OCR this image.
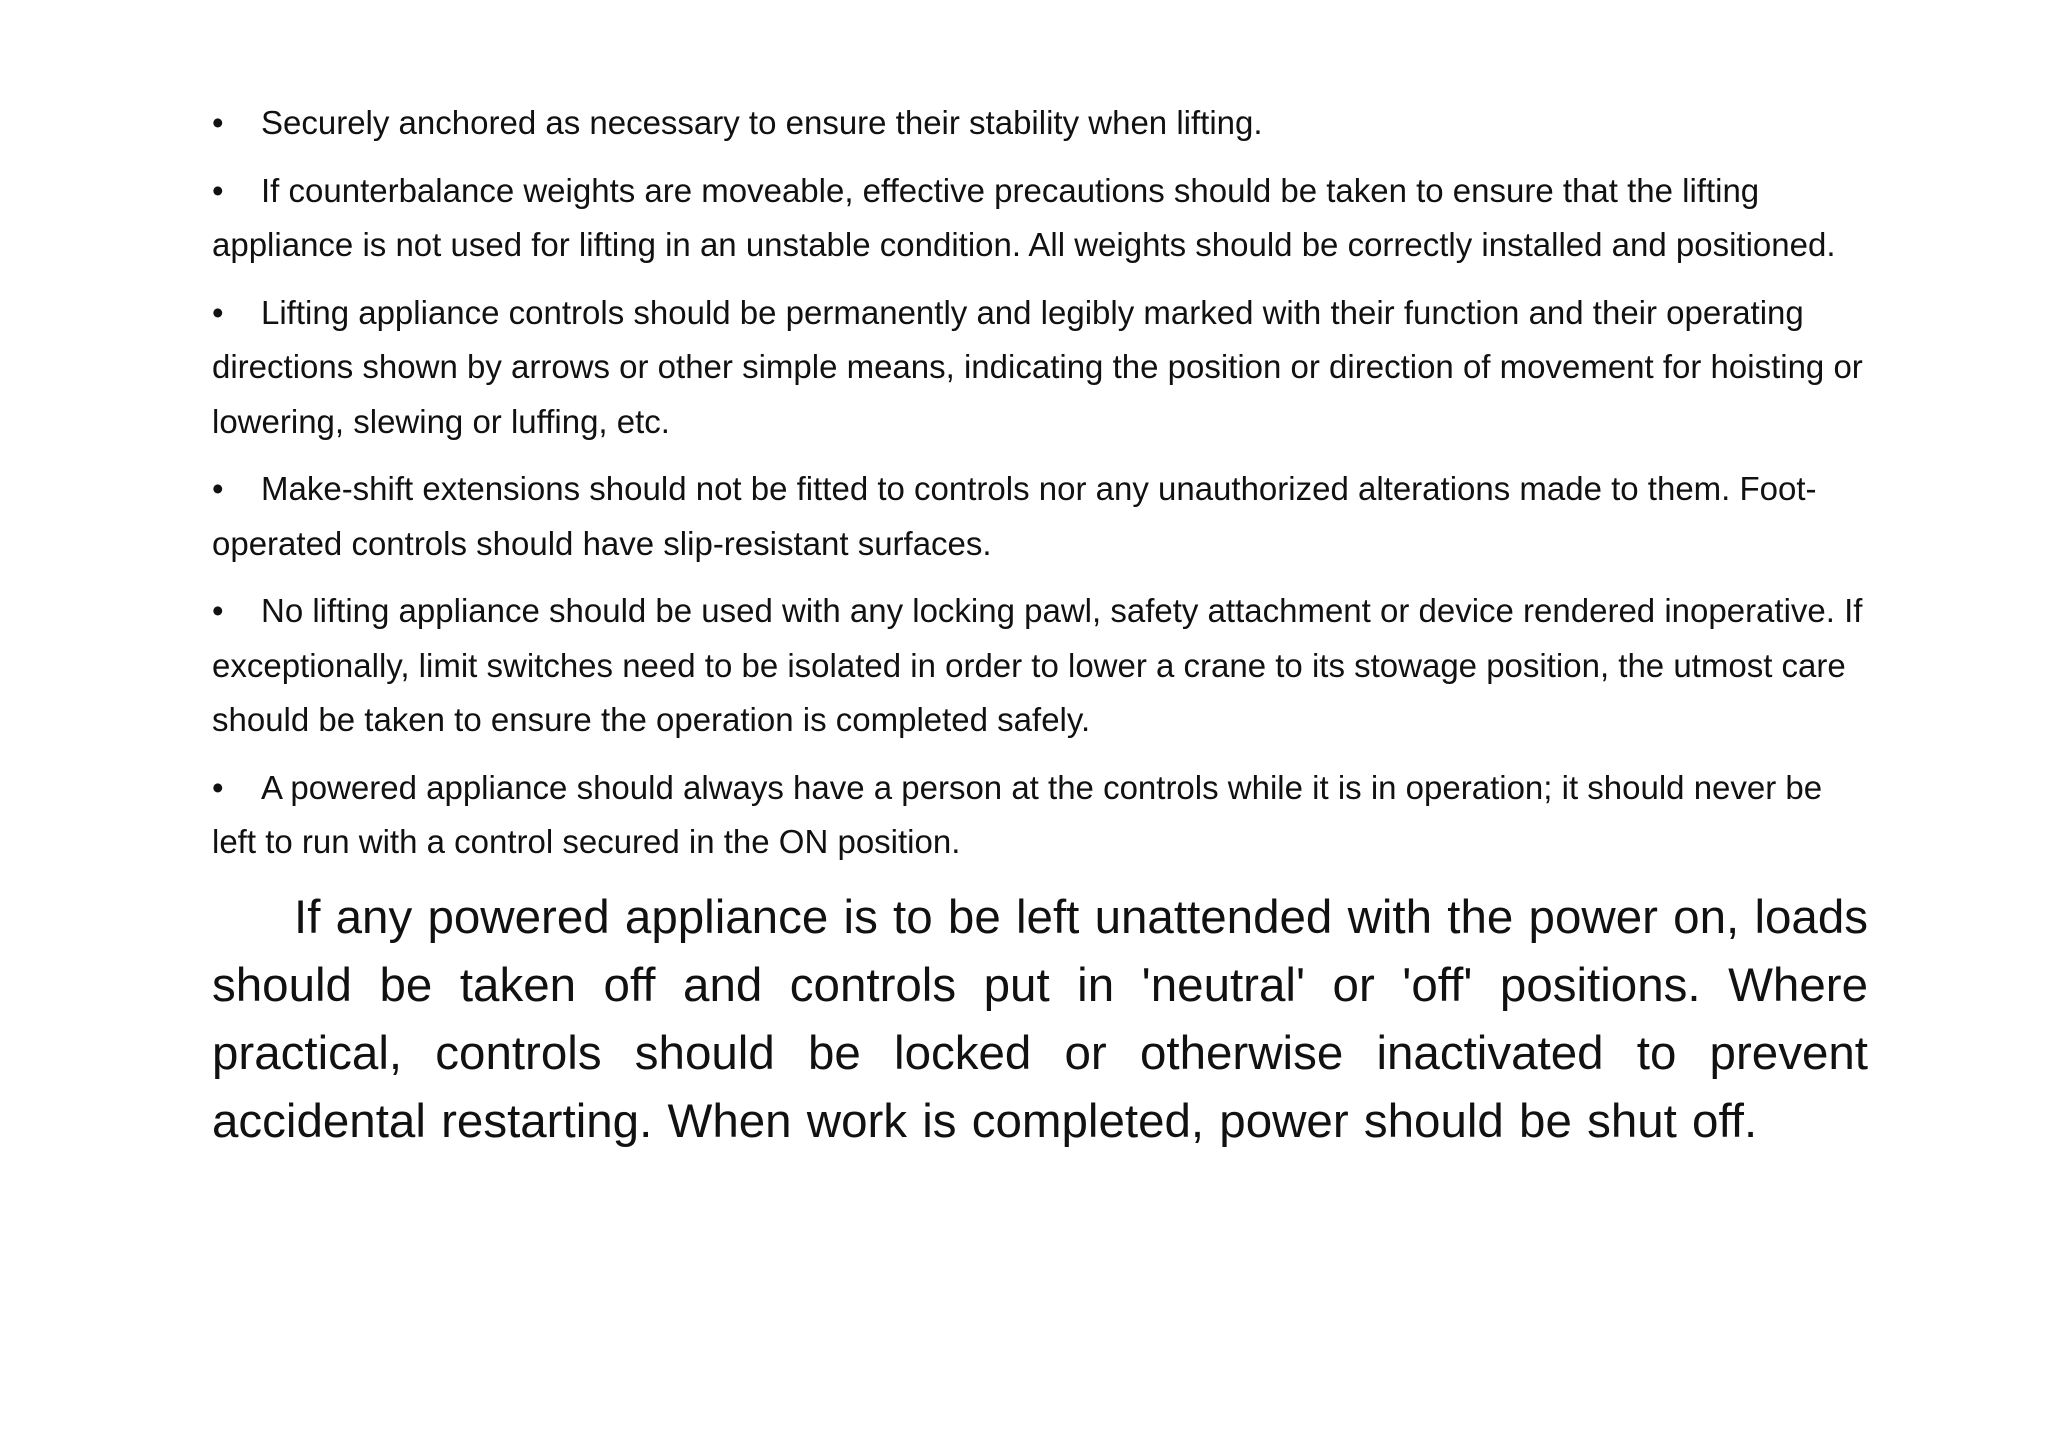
• Securely anchored as necessary to ensure their stability when lifting.
• If counterbalance weights are moveable, effective precautions should be taken to ensure that the lifting appliance is not used for lifting in an unstable condition. All weights should be correctly installed and positioned.
• Lifting appliance controls should be permanently and legibly marked with their function and their operating directions shown by arrows or other simple means, indicating the position or direction of movement for hoisting or lowering, slewing or luffing, etc.
• Make-shift extensions should not be fitted to controls nor any unauthorized alterations made to them. Foot-operated controls should have slip-resistant surfaces.
• No lifting appliance should be used with any locking pawl, safety attachment or device rendered inoperative. If exceptionally, limit switches need to be isolated in order to lower a crane to its stowage position, the utmost care should be taken to ensure the operation is completed safely.
• A powered appliance should always have a person at the controls while it is in operation; it should never be left to run with a control secured in the ON position.

If any powered appliance is to be left unattended with the power on, loads should be taken off and controls put in 'neutral' or 'off' positions. Where practical, controls should be locked or otherwise inactivated to prevent accidental restarting. When work is completed, power should be shut off.
